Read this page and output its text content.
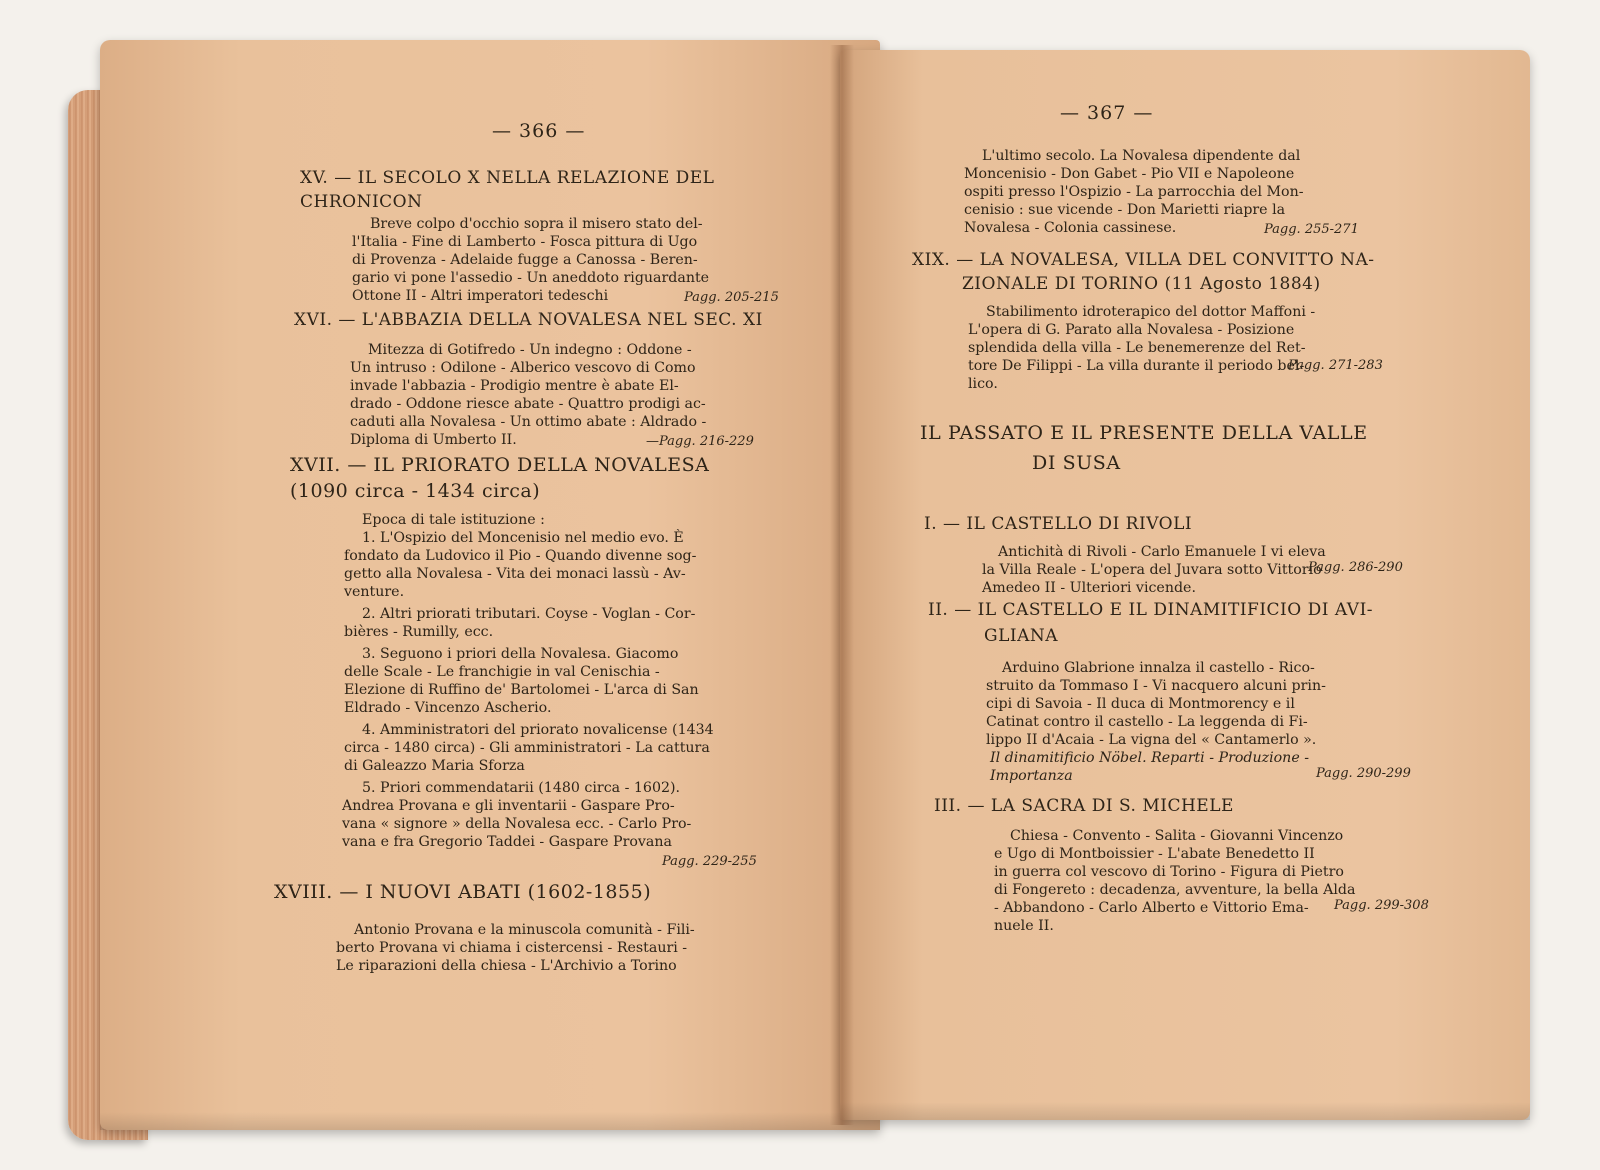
— 366 —
XV. — IL SECOLO X NELLA RELAZIONE DEL CHRONICON
Breve colpo d'occhio sopra il misero stato del-
l'Italia - Fine di Lamberto - Fosca pittura di Ugo
di Provenza - Adelaide fugge a Canossa - Beren-
gario vi pone l'assedio - Un aneddoto riguardante
Ottone II - Altri imperatori tedeschi	Pagg. 205-215
XVI. — L'ABBAZIA DELLA NOVALESA NEL SEC. XI
Mitezza di Gotifredo - Un indegno : Oddone -
Un intruso : Odilone - Alberico vescovo di Como
invade l'abbazia - Prodigio mentre è abate El-
drado - Oddone riesce abate - Quattro prodigi ac-
caduti alla Novalesa - Un ottimo abate : Aldrado -
Diploma di Umberto II.	—Pagg. 216-229
XVII. — IL PRIORATO DELLA NOVALESA (1090 circa - 1434 circa)
Epoca di tale istituzione :
1. L'Ospizio del Moncenisio nel medio evo. È
fondato da Ludovico il Pio - Quando divenne sog-
getto alla Novalesa - Vita dei monaci lassù - Av-
venture.
2. Altri priorati tributari. Coyse - Voglan - Cor-
bières - Rumilly, ecc.
3. Seguono i priori della Novalesa. Giacomo
delle Scale - Le franchigie in val Cenischia -
Elezione di Ruffino de' Bartolomei - L'arca di San
Eldrado - Vincenzo Ascherio.
4. Amministratori del priorato novalicense (1434
circa - 1480 circa) - Gli amministratori - La cattura
di Galeazzo Maria Sforza
5. Priori commendatarii (1480 circa - 1602).
Andrea Provana e gli inventarii - Gaspare Pro-
vana « signore » della Novalesa ecc. - Carlo Pro-
vana e fra Gregorio Taddei - Gaspare Provana
Pagg. 229-255
XVIII. — I NUOVI ABATI (1602-1855)
Antonio Provana e la minuscola comunità - Fili-
berto Provana vi chiama i cistercensi - Restauri -
Le riparazioni della chiesa - L'Archivio a Torino
— 367 —
L'ultimo secolo. La Novalesa dipendente dal
Moncenisio - Don Gabet - Pio VII e Napoleone
ospiti presso l'Ospizio - La parrocchia del Mon-
cenisio : sue vicende - Don Marietti riapre la
Novalesa - Colonia cassinese.	Pagg. 255-271
XIX. — LA NOVALESA, VILLA DEL CONVITTO NA-
ZIONALE DI TORINO (11 Agosto 1884)
Stabilimento idroterapico del dottor Maffoni -
L'opera di G. Parato alla Novalesa - Posizione
splendida della villa - Le benemerenze del Ret-
tore De Filippi - La villa durante il periodo bel-
lico.
Pagg. 271-283
IL PASSATO E IL PRESENTE DELLA VALLE
DI SUSA
I. — IL CASTELLO DI RIVOLI
Antichità di Rivoli - Carlo Emanuele I vi eleva
la Villa Reale - L'opera del Juvara sotto Vittorio
Amedeo II - Ulteriori vicende.
Pagg. 286-290
II. — IL CASTELLO E IL DINAMITIFICIO DI AVI-
GLIANA
Arduino Glabrione innalza il castello - Rico-
struito da Tommaso I - Vi nacquero alcuni prin-
cipi di Savoia - Il duca di Montmorency e il
Catinat contro il castello - La leggenda di Fi-
lippo II d'Acaia - La vigna del « Cantamerlo ».
Il dinamitificio Nöbel. Reparti - Produzione -
Importanza	Pagg. 290-299
III. — LA SACRA DI S. MICHELE
Chiesa - Convento - Salita - Giovanni Vincenzo
e Ugo di Montboissier - L'abate Benedetto II
in guerra col vescovo di Torino - Figura di Pietro
di Fongereto : decadenza, avventure, la bella Alda
- Abbandono - Carlo Alberto e Vittorio Ema-
nuele II.
Pagg. 299-308
